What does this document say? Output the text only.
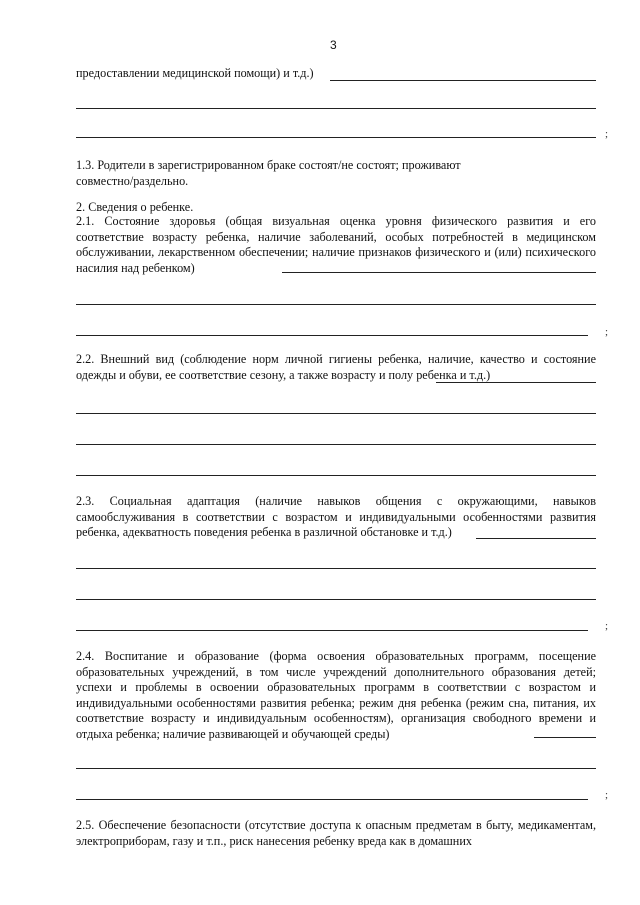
3
предоставлении медицинской помощи) и т.д.)
;
1.3. Родители в зарегистрированном браке состоят/не состоят; проживают совместно/раздельно.
2. Сведения о ребенке.
2.1. Состояние здоровья (общая визуальная оценка уровня физического развития и его соответствие возрасту ребенка, наличие заболеваний, особых потребностей в медицинском обслуживании, лекарственном обеспечении; наличие признаков физического и (или) психического насилия над ребенком)
;
2.2. Внешний вид (соблюдение норм личной гигиены ребенка, наличие, качество и состояние одежды и обуви, ее соответствие сезону, а также возрасту и полу ребенка и т.д.)
2.3. Социальная адаптация (наличие навыков общения с окружающими, навыков самообслуживания в соответствии с возрастом и индивидуальными особенностями развития ребенка, адекватность поведения ребенка в различной обстановке и т.д.)
;
2.4. Воспитание и образование (форма освоения образовательных программ, посещение образовательных учреждений, в том числе учреждений дополнительного образования детей; успехи и проблемы в освоении образовательных программ в соответствии с возрастом и индивидуальными особенностями развития ребенка; режим дня ребенка (режим сна, питания, их соответствие возрасту и индивидуальным особенностям), организация свободного времени и отдыха ребенка; наличие развивающей и обучающей среды)
;
2.5. Обеспечение безопасности (отсутствие доступа к опасным предметам в быту, медикаментам, электроприборам, газу и т.п., риск нанесения ребенку вреда как в домашних
